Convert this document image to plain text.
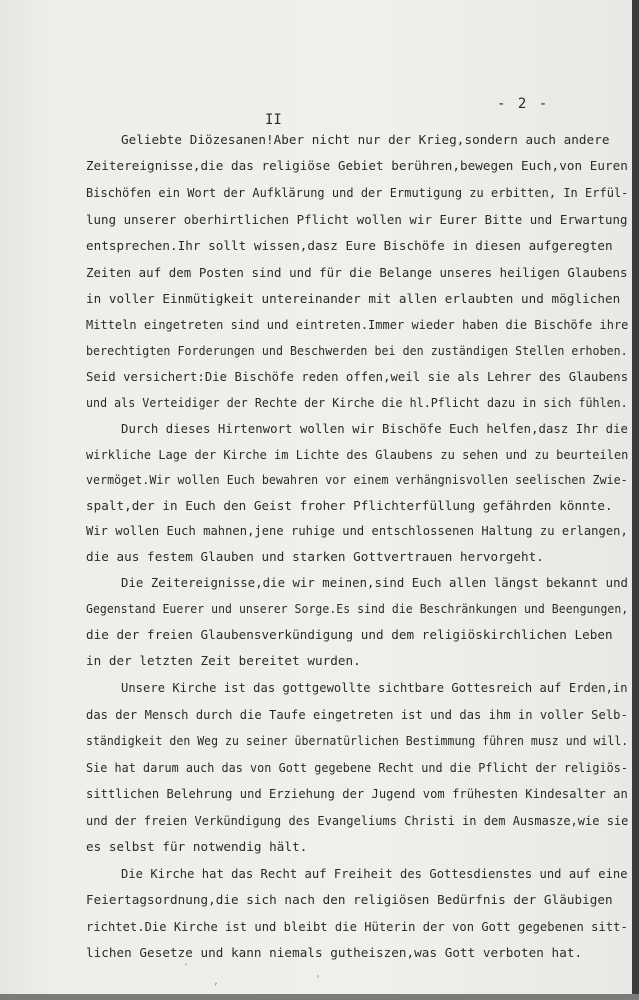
- 2 -
II
Geliebte Diözesanen!Aber nicht nur der Krieg,sondern auch andere
Zeitereignisse,die das religiöse Gebiet berühren,bewegen Euch,von Euren
Bischöfen ein Wort der Aufklärung und der Ermutigung zu erbitten, In Erfül-
lung unserer oberhirtlichen Pflicht wollen wir Eurer Bitte und Erwartung
entsprechen.Ihr sollt wissen,dasz Eure Bischöfe in diesen aufgeregten
Zeiten auf dem Posten sind und für die Belange unseres heiligen Glaubens
in voller Einmütigkeit untereinander mit allen erlaubten und möglichen
Mitteln eingetreten sind und eintreten.Immer wieder haben die Bischöfe ihre
berechtigten Forderungen und Beschwerden bei den zuständigen Stellen erhoben.
Seid versichert:Die Bischöfe reden offen,weil sie als Lehrer des Glaubens
und als Verteidiger der Rechte der Kirche die hl.Pflicht dazu in sich fühlen.
Durch dieses Hirtenwort wollen wir Bischöfe Euch helfen,dasz Ihr die
wirkliche Lage der Kirche im Lichte des Glaubens zu sehen und zu beurteilen
vermöget.Wir wollen Euch bewahren vor einem verhängnisvollen seelischen Zwie-
spalt,der in Euch den Geist froher Pflichterfüllung gefährden könnte.
Wir wollen Euch mahnen,jene ruhige und entschlossenen Haltung zu erlangen,
die aus festem Glauben und starken Gottvertrauen hervorgeht.
Die Zeitereignisse,die wir meinen,sind Euch allen längst bekannt und
Gegenstand Euerer und unserer Sorge.Es sind die Beschränkungen und Beengungen,
die der freien Glaubensverkündigung und dem religiöskirchlichen Leben
in der letzten Zeit bereitet wurden.
Unsere Kirche ist das gottgewollte sichtbare Gottesreich auf Erden,in
das der Mensch durch die Taufe eingetreten ist und das ihm in voller Selb-
ständigkeit den Weg zu seiner übernatürlichen Bestimmung führen musz und will.
Sie hat darum auch das von Gott gegebene Recht und die Pflicht der religiös-
sittlichen Belehrung und Erziehung der Jugend vom frühesten Kindesalter an
und der freien Verkündigung des Evangeliums Christi in dem Ausmasze,wie sie
es selbst für notwendig hält.
Die Kirche hat das Recht auf Freiheit des Gottesdienstes und auf eine
Feiertagsordnung,die sich nach den religiösen Bedürfnis der Gläubigen
richtet.Die Kirche ist und bleibt die Hüterin der von Gott gegebenen sitt-
lichen Gesetze und kann niemals gutheiszen,was Gott verboten hat.
'
,	'
